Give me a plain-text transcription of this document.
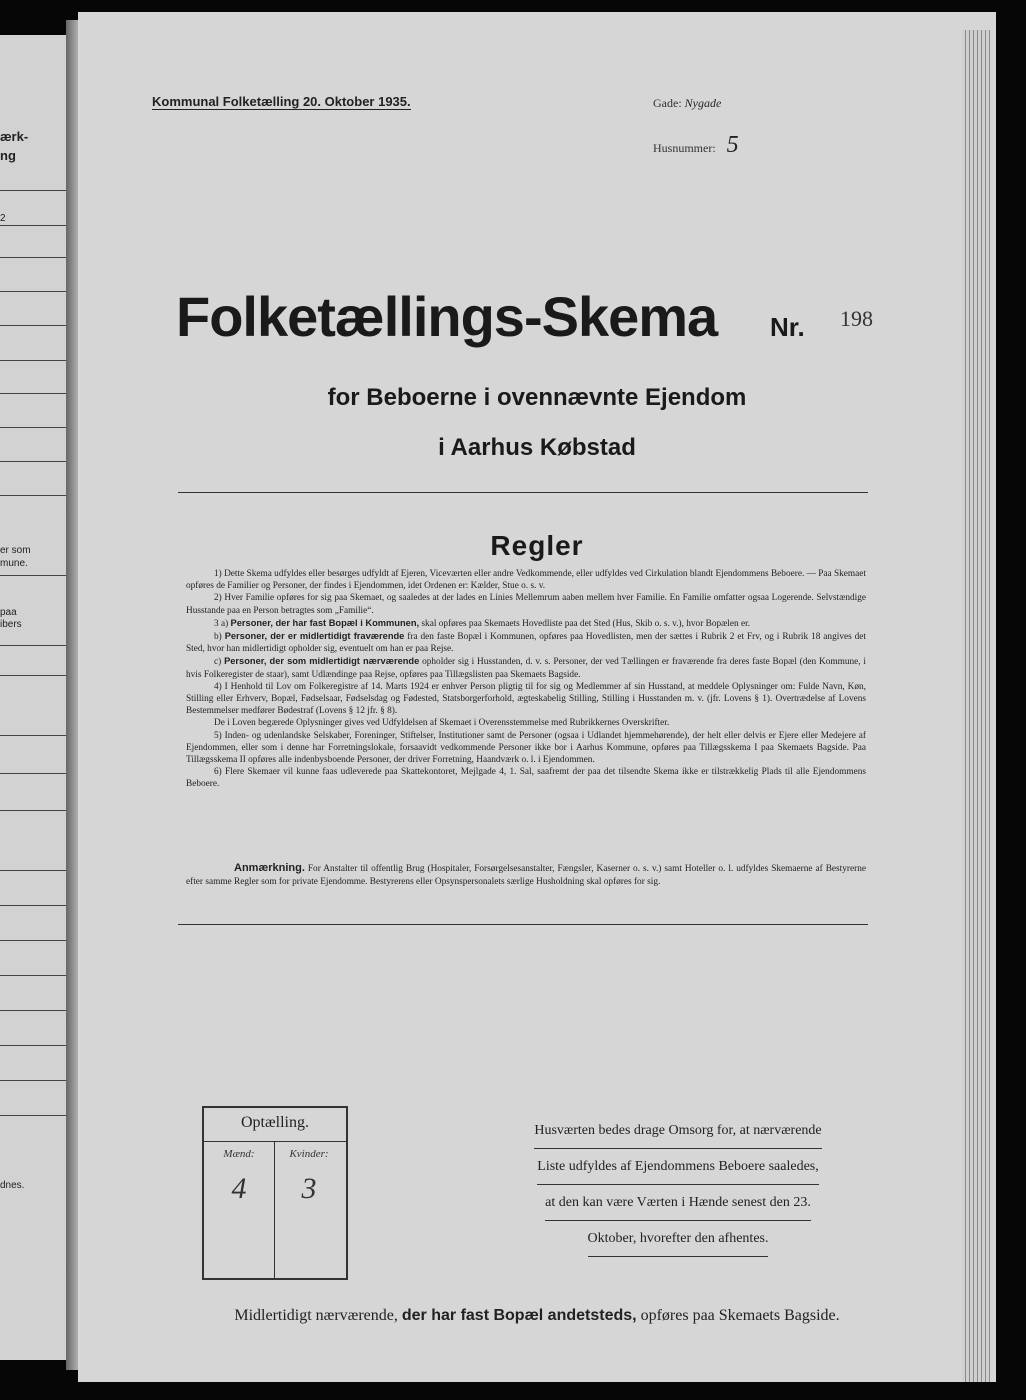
ærk-
ng
2
er som
mune.
paa
ibers
dnes.
Kommunal Folketælling 20. Oktober 1935.	Gade: Nygade
Husnummer: 5
Folketællings-Skema Nr. 198
for Beboerne i ovennævnte Ejendom
i Aarhus Købstad
Regler

1) Dette Skema udfyldes eller besørges udfyldt af Ejeren, Viceværten eller andre Vedkommende, eller udfyldes ved Cirkulation blandt Ejendommens Beboere. — Paa Skemaet opføres de Familier og Personer, der findes i Ejendommen, idet Ordenen er: Kælder, Stue o. s. v.

2) Hver Familie opføres for sig paa Skemaet, og saaledes at der lades en Linies Mellemrum aaben mellem hver Familie. En Familie omfatter ogsaa Logerende. Selvstændige Husstande paa en Person betragtes som „Familie“.

3 a) Personer, der har fast Bopæl i Kommunen, skal opføres paa Skemaets Hovedliste paa det Sted (Hus, Skib o. s. v.), hvor Bopælen er.

b) Personer, der er midlertidigt fraværende fra den faste Bopæl i Kommunen, opføres paa Hovedlisten, men der sættes i Rubrik 2 et Frv, og i Rubrik 18 angives det Sted, hvor han midlertidigt opholder sig, eventuelt om han er paa Rejse.

c) Personer, der som midlertidigt nærværende opholder sig i Husstanden, d. v. s. Personer, der ved Tællingen er fraværende fra deres faste Bopæl (den Kommune, i hvis Folkeregister de staar), samt Udlændinge paa Rejse, opføres paa Tillægslisten paa Skemaets Bagside.

4) I Henhold til Lov om Folkeregistre af 14. Marts 1924 er enhver Person pligtig til for sig og Medlemmer af sin Husstand, at meddele Oplysninger om: Fulde Navn, Køn, Stilling eller Erhverv, Bopæl, Fødselsaar, Fødselsdag og Fødested, Statsborgerforhold, ægteskabelig Stilling, Stilling i Husstanden m. v. (jfr. Lovens § 1). Overtrædelse af Lovens Bestemmelser medfører Bødestraf (Lovens § 12 jfr. § 8).

De i Loven begærede Oplysninger gives ved Udfyldelsen af Skemaet i Overensstemmelse med Rubrikkernes Overskrifter.

5) Inden- og udenlandske Selskaber, Foreninger, Stiftelser, Institutioner samt de Personer (ogsaa i Udlandet hjemmehørende), der helt eller delvis er Ejere eller Medejere af Ejendommen, eller som i denne har Forretningslokale, forsaavidt vedkommende Personer ikke bor i Aarhus Kommune, opføres paa Tillægsskema I paa Skemaets Bagside. Paa Tillægsskema II opføres alle indenbysboende Personer, der driver Forretning, Haandværk o. l. i Ejendommen.

6) Flere Skemaer vil kunne faas udleverede paa Skattekontoret, Mejlgade 4, 1. Sal, saafremt der paa det tilsendte Skema ikke er tilstrækkelig Plads til alle Ejendommens Beboere.

Anmærkning. For Anstalter til offentlig Brug (Hospitaler, Forsørgelsesanstalter, Fængsler, Kaserner o. s. v.) samt Hoteller o. l. udfyldes Skemaerne af Bestyrerne efter samme Regler som for private Ejendomme. Bestyrerens eller Opsynspersonalets særlige Husholdning skal opføres for sig.

Optælling.
Mænd:	Kvinder:
4	3
Husværten bedes drage Omsorg for, at nærværende
Liste udfyldes af Ejendommens Beboere saaledes,
at den kan være Værten i Hænde senest den 23.
Oktober, hvorefter den afhentes.
Midlertidigt nærværende, der har fast Bopæl andetsteds, opføres paa Skemaets Bagside.
